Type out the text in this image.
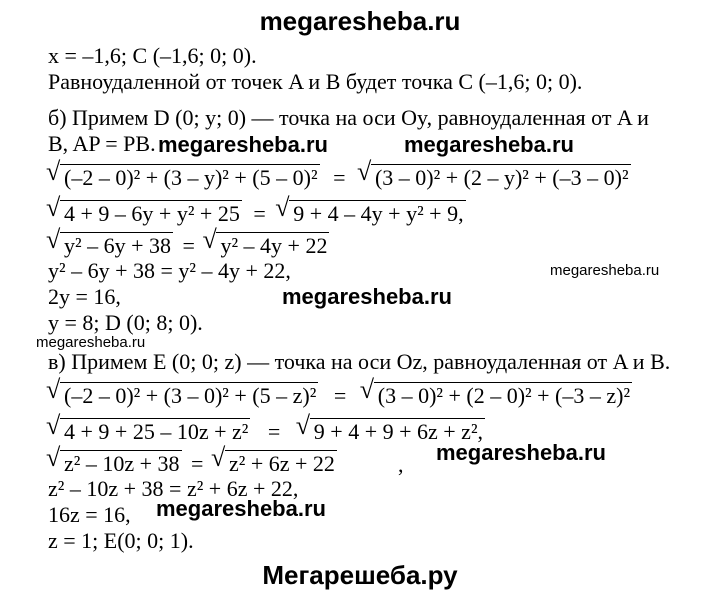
megaresheba.ru
x = –1,6; C (–1,6; 0; 0).
Равноудаленной от точек A и B будет точка C (–1,6; 0; 0).
б) Примем D (0; y; 0) — точка на оси Oy, равноудаленная от A и
B, AP = PB. megaresheba.ru	megaresheba.ru
√ (–2 – 0)² + (3 – y)² + (5 – 0)² = √ (3 – 0)² + (2 – y)² + (–3 – 0)²
√ 4 + 9 – 6y + y² + 25 = √ 9 + 4 – 4y + y² + 9,
√ y² – 6y + 38 = √ y² – 4y + 22
y² – 6y + 38 = y² – 4y + 22,	megaresheba.ru
2y = 16,	megaresheba.ru
y = 8; D (0; 8; 0).
megaresheba.ru
в) Примем E (0; 0; z) — точка на оси Oz, равноудаленная от A и B.
√ (–2 – 0)² + (3 – 0)² + (5 – z)² = √ (3 – 0)² + (2 – 0)² + (–3 – z)²
√ 4 + 9 + 25 – 10z + z² = √ 9 + 4 + 9 + 6z + z²,
√ z² – 10z + 38 = √ z² + 6z + 22	, megaresheba.ru
z² – 10z + 38 = z² + 6z + 22,
16z = 16, megaresheba.ru
z = 1; E(0; 0; 1).
Мегарешеба.ру
